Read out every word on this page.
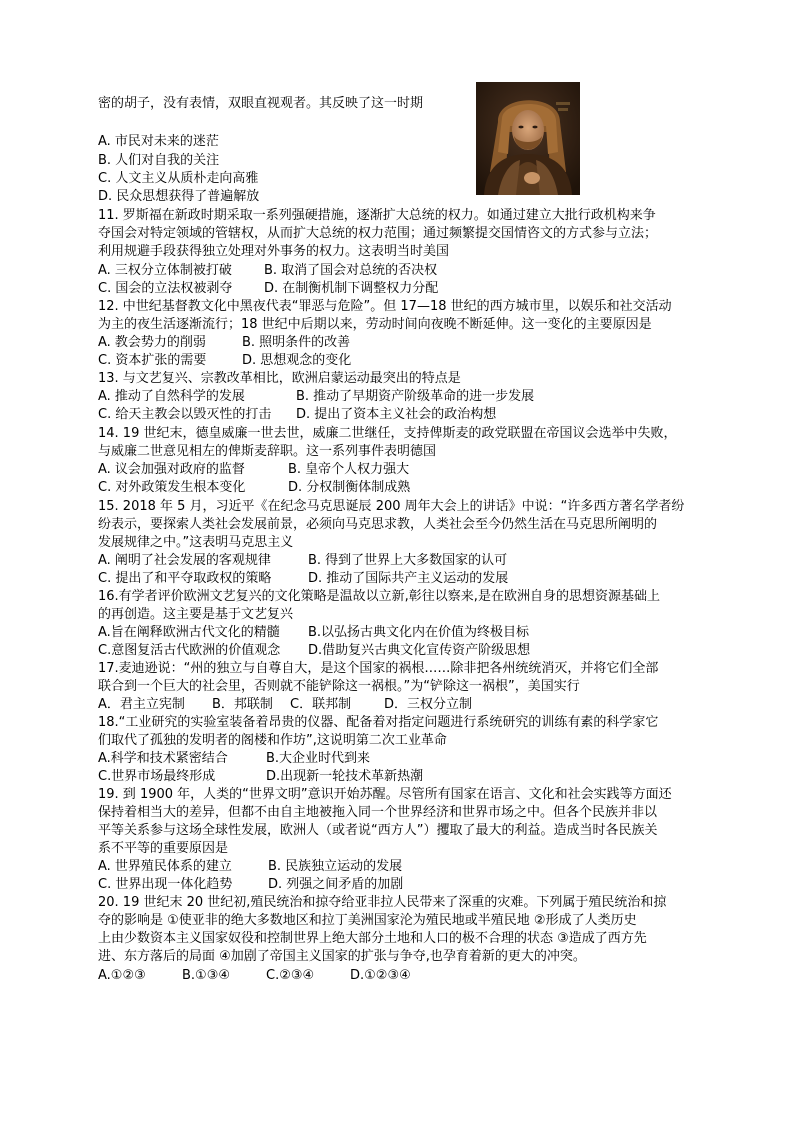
密的胡子，没有表情，双眼直视观者。其反映了这一时期
A. 市民对未来的迷茫
B. 人们对自我的关注
C. 人文主义从质朴走向高雅
D. 民众思想获得了普遍解放
11. 罗斯福在新政时期采取一系列强硬措施，逐渐扩大总统的权力。如通过建立大批行政机构来争
夺国会对特定领域的管辖权，从而扩大总统的权力范围；通过频繁提交国情咨文的方式参与立法；
利用规避手段获得独立处理对外事务的权力。这表明当时美国
A. 三权分立体制被打破 B. 取消了国会对总统的否决权
C. 国会的立法权被剥夺 D. 在制衡机制下调整权力分配
12. 中世纪基督教文化中黑夜代表“罪恶与危险”。但 17—18 世纪的西方城市里，以娱乐和社交活动
为主的夜生活逐渐流行；18 世纪中后期以来，劳动时间向夜晚不断延伸。这一变化的主要原因是
A. 教会势力的削弱	B. 照明条件的改善
C. 资本扩张的需要	D. 思想观念的变化
13. 与文艺复兴、宗教改革相比，欧洲启蒙运动最突出的特点是
A. 推动了自然科学的发展	B. 推动了早期资产阶级革命的进一步发展
C. 给天主教会以毁灭性的打击 D. 提出了资本主义社会的政治构想
14. 19 世纪末，德皇威廉一世去世，威廉二世继任，支持俾斯麦的政党联盟在帝国议会选举中失败，
与威廉二世意见相左的俾斯麦辞职。这一系列事件表明德国
A. 议会加强对政府的监督	B. 皇帝个人权力强大
C. 对外政策发生根本变化	D. 分权制衡体制成熟
15. 2018 年 5 月，习近平《在纪念马克思诞辰 200 周年大会上的讲话》中说：“许多西方著名学者纷
纷表示，要探索人类社会发展前景，必须向马克思求教，人类社会至今仍然生活在马克思所阐明的
发展规律之中。”这表明马克思主义
A. 阐明了社会发展的客观规律	B. 得到了世界上大多数国家的认可
C. 提出了和平夺取政权的策略	D. 推动了国际共产主义运动的发展
16.有学者评价欧洲文艺复兴的文化策略是温故以立新,彰往以察来,是在欧洲自身的思想资源基础上
的再创造。这主要是基于文艺复兴
A.旨在阐释欧洲古代文化的精髓 B.以弘扬古典文化内在价值为终极目标
C.意图复活古代欧洲的价值观念 D.借助复兴古典文化宣传资产阶级思想
17.麦迪逊说：“州的独立与自尊自大，是这个国家的祸根……除非把各州统统消灭，并将它们全部
联合到一个巨大的社会里，否则就不能铲除这一祸根。”为“铲除这一祸根”，美国实行
A．君主立宪制 B．邦联制 C．联邦制	D．三权分立制
18.“工业研究的实验室装备着昂贵的仪器、配备着对指定问题进行系统研究的训练有素的科学家它
们取代了孤独的发明者的阁楼和作坊”,这说明第二次工业革命
A.科学和技术紧密结合	B.大企业时代到来
C.世界市场最终形成	D.出现新一轮技术革新热潮
19. 到 1900 年，人类的“世界文明”意识开始苏醒。尽管所有国家在语言、文化和社会实践等方面还
保持着相当大的差异，但都不由自主地被拖入同一个世界经济和世界市场之中。但各个民族并非以
平等关系参与这场全球性发展，欧洲人（或者说“西方人”）攫取了最大的利益。造成当时各民族关
系不平等的重要原因是
A. 世界殖民体系的建立	B. 民族独立运动的发展
C. 世界出现一体化趋势	D. 列强之间矛盾的加剧
20. 19 世纪末 20 世纪初,殖民统治和掠夺给亚非拉人民带来了深重的灾难。下列属于殖民统治和掠
夺的影响是 ①使亚非的绝大多数地区和拉丁美洲国家沦为殖民地或半殖民地 ②形成了人类历史
上由少数资本主义国家奴役和控制世界上绝大部分土地和人口的极不合理的状态 ③造成了西方先
进、东方落后的局面 ④加剧了帝国主义国家的扩张与争夺,也孕育着新的更大的冲突。
A.①②③	B.①③④	C.②③④	D.①②③④
